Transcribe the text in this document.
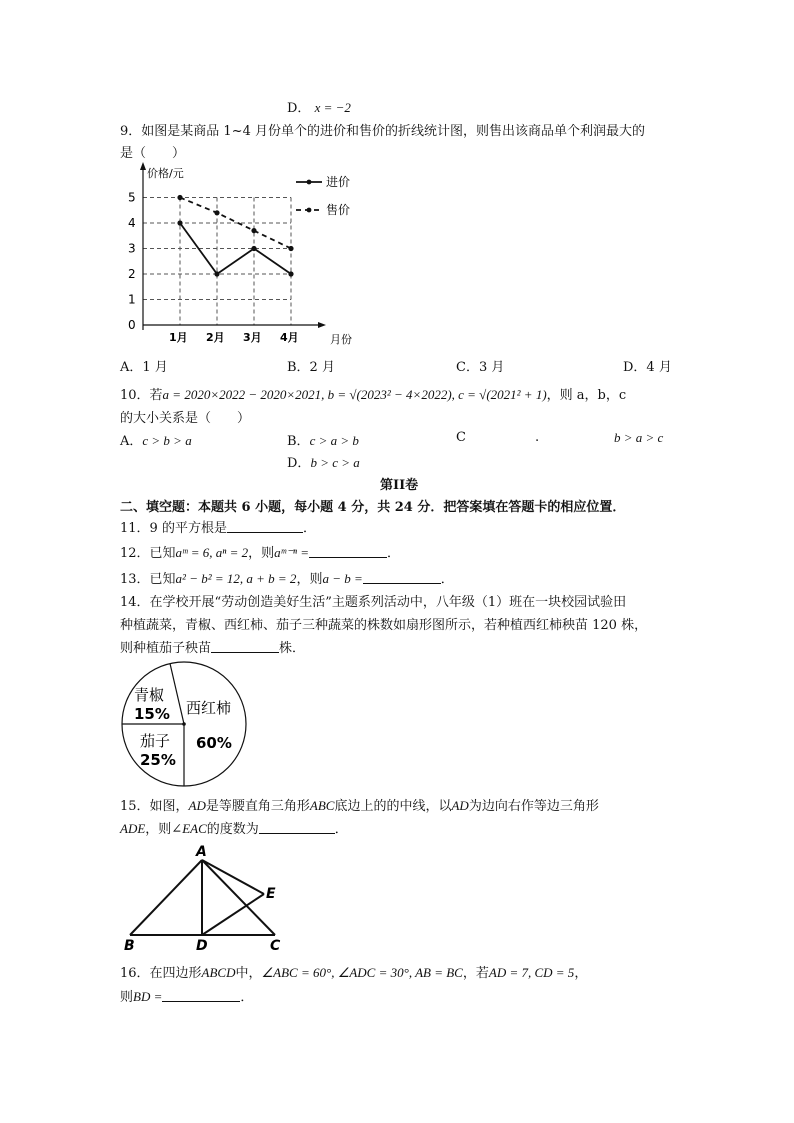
D． x = −2
9．如图是某商品 1~4 月份单个的进价和售价的折线统计图，则售出该商品单个利润最大的
是（　　）
价格/元
月份
0
1
2
3
4
5
1月 2月 3月 4月
进价
售价
A．1 月	B．2 月	C．3 月	D．4 月
10．若a = 2020×2022 − 2020×2021, b = √(2023² − 4×2022), c = √(2021² + 1)，则 a，b，c
的大小关系是（　　）
A．c > b > a	B．c > a > b	C	.	b > a > c
D．b > c > a
第II卷
二、填空题：本题共 6 小题，每小题 4 分，共 24 分．把答案填在答题卡的相应位置．
11．9 的平方根是	．
12．已知aᵐ = 6, aⁿ = 2，则aᵐ⁻ⁿ =	．
13．已知a² − b² = 12, a + b = 2，则a − b =	．
14．在学校开展“劳动创造美好生活”主题系列活动中，八年级（1）班在一块校园试验田
种植蔬菜，青椒、西红柿、茄子三种蔬菜的株数如扇形图所示，若种植西红柿秧苗 120 株，
则种植茄子秧苗	株．
青椒
15% 西红柿
60%
茄子
25%
15．如图，AD是等腰直角三角形ABC底边上的的中线，以AD为边向右作等边三角形
ADE，则∠EAC的度数为	．
A
B	C
D
E
16．在四边形ABCD中，∠ABC = 60°, ∠ADC = 30°, AB = BC，若AD = 7, CD = 5，
则BD =	．
